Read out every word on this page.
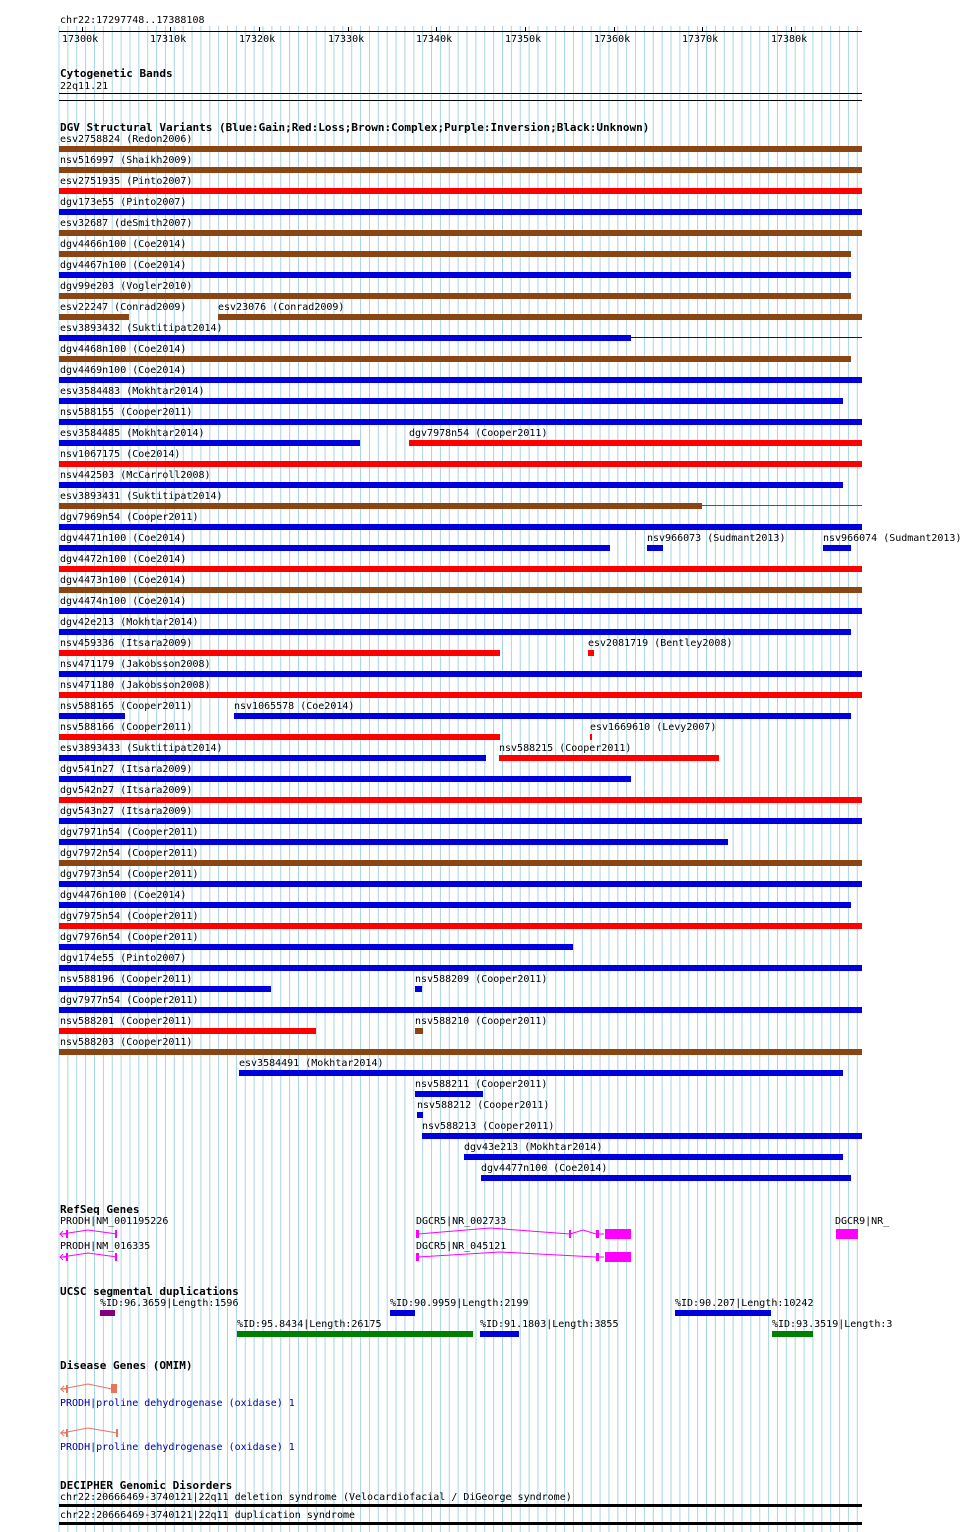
chr22:17297748..17388108
17300k	17310k	17320k	17330k	17340k	17350k	17360k	17370k	17380k
Cytogenetic Bands
22q11.21
DGV Structural Variants (Blue:Gain;Red:Loss;Brown:Complex;Purple:Inversion;Black:Unknown)
esv2758824 (Redon2006)
nsv516997 (Shaikh2009)
esv2751935 (Pinto2007)
dgv173e55 (Pinto2007)
esv32687 (deSmith2007)
dgv4466n100 (Coe2014)
dgv4467n100 (Coe2014)
dgv99e203 (Vogler2010)
esv22247 (Conrad2009)	esv23076 (Conrad2009)
esv3893432 (Suktitipat2014)
dgv4468n100 (Coe2014)
dgv4469n100 (Coe2014)
esv3584483 (Mokhtar2014)
nsv588155 (Cooper2011)
esv3584485 (Mokhtar2014)	dgv7978n54 (Cooper2011)
nsv1067175 (Coe2014)
nsv442503 (McCarroll2008)
esv3893431 (Suktitipat2014)
dgv7969n54 (Cooper2011)
dgv4471n100 (Coe2014)	nsv966073 (Sudmant2013)	nsv966074 (Sudmant2013)
dgv4472n100 (Coe2014)
dgv4473n100 (Coe2014)
dgv4474n100 (Coe2014)
dgv42e213 (Mokhtar2014)
nsv459336 (Itsara2009)	esv2081719 (Bentley2008)
nsv471179 (Jakobsson2008)
nsv471180 (Jakobsson2008)
nsv588165 (Cooper2011)	nsv1065578 (Coe2014)
nsv588166 (Cooper2011)	esv1669610 (Levy2007)
esv3893433 (Suktitipat2014)	nsv588215 (Cooper2011)
dgv541n27 (Itsara2009)
dgv542n27 (Itsara2009)
dgv543n27 (Itsara2009)
dgv7971n54 (Cooper2011)
dgv7972n54 (Cooper2011)
dgv7973n54 (Cooper2011)
dgv4476n100 (Coe2014)
dgv7975n54 (Cooper2011)
dgv7976n54 (Cooper2011)
dgv174e55 (Pinto2007)
nsv588196 (Cooper2011)	nsv588209 (Cooper2011)
dgv7977n54 (Cooper2011)
nsv588201 (Cooper2011)	nsv588210 (Cooper2011)
nsv588203 (Cooper2011)
esv3584491 (Mokhtar2014)
nsv588211 (Cooper2011)
nsv588212 (Cooper2011)
nsv588213 (Cooper2011)
dgv43e213 (Mokhtar2014)
dgv4477n100 (Coe2014)
RefSeq Genes
PRODH|NM_001195226	DGCR5|NR_002733	DGCR9|NR_
PRODH|NM_016335	DGCR5|NR_045121
UCSC segmental duplications
%ID:96.3659|Length:1596	%ID:90.9959|Length:2199	%ID:90.207|Length:10242
%ID:95.8434|Length:26175	%ID:91.1803|Length:3855	%ID:93.3519|Length:3
Disease Genes (OMIM)
PRODH|proline dehydrogenase (oxidase) 1
PRODH|proline dehydrogenase (oxidase) 1
DECIPHER Genomic Disorders
chr22:20666469-3740121|22q11 deletion syndrome (Velocardiofacial / DiGeorge syndrome)
chr22:20666469-3740121|22q11 duplication syndrome
